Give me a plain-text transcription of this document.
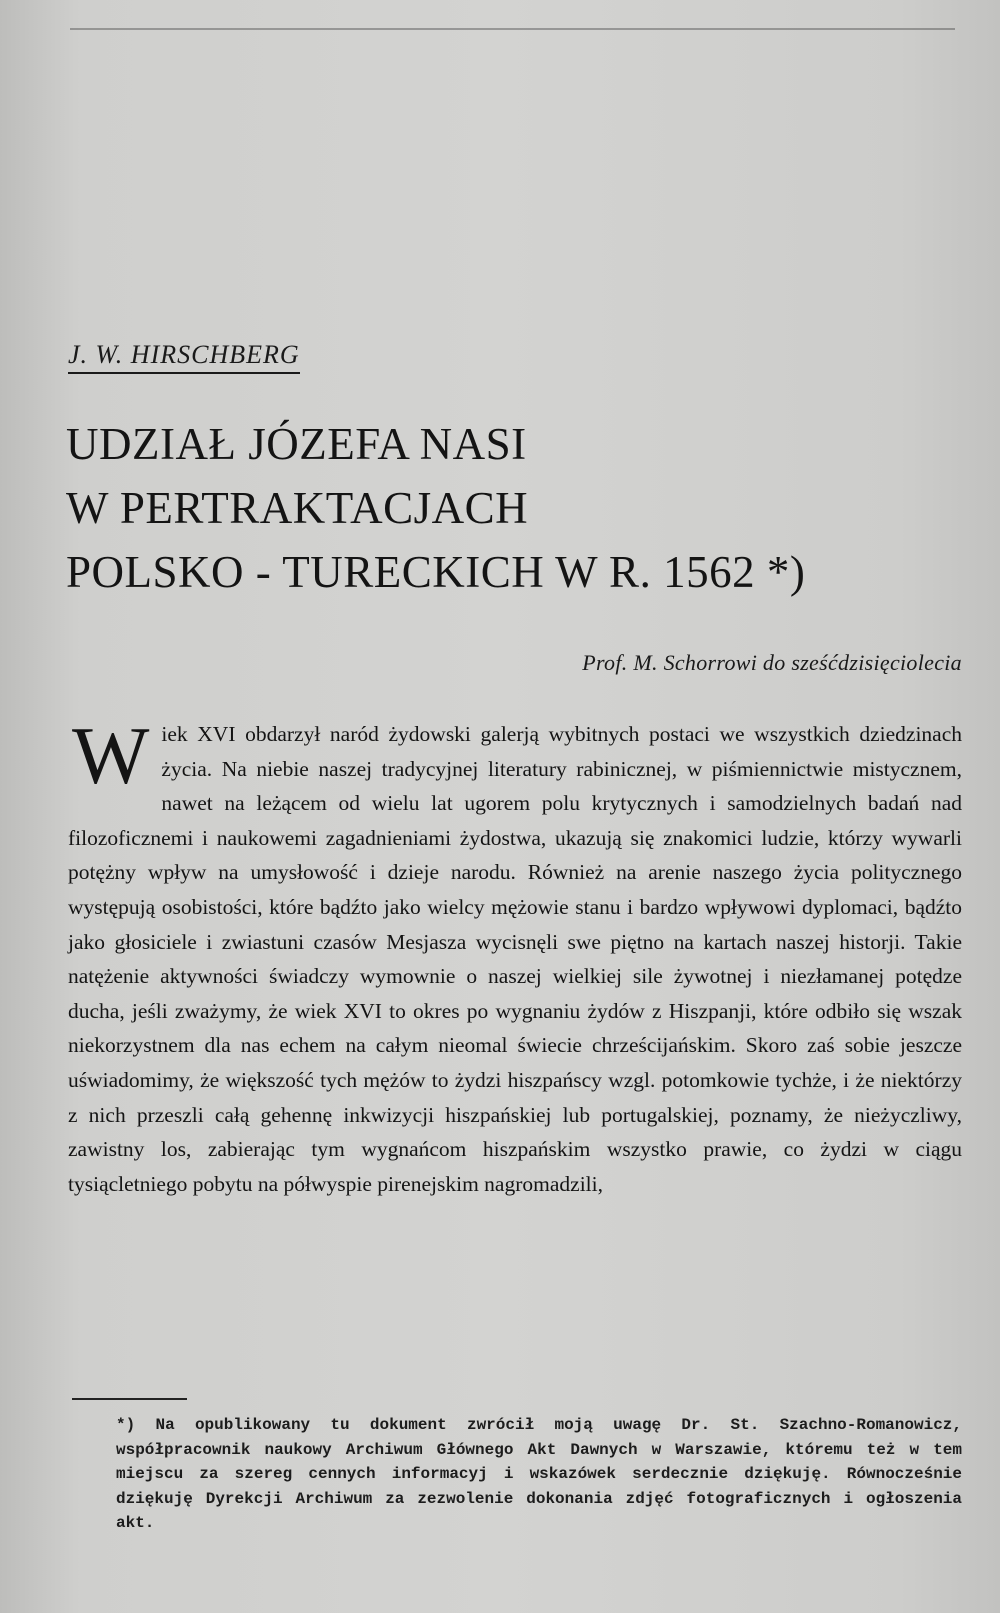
J. W. HIRSCHBERG
UDZIAŁ JÓZEFA NASI
W PERTRAKTACJACH
POLSKO - TURECKICH W R. 1562 *)
Prof. M. Schorrowi do sześćdzisięciolecia
Wiek XVI obdarzył naród żydowski galerją wybitnych postaci we wszystkich dziedzinach życia. Na niebie naszej tradycyjnej literatury rabinicznej, w piśmiennictwie mistycznem, nawet na leżącem od wielu lat ugorem polu krytycznych i samodzielnych badań nad filozoficznemi i naukowemi zagadnieniami żydostwa, ukazują się znakomici ludzie, którzy wywarli potężny wpływ na umysłowość i dzieje narodu. Również na arenie naszego życia politycznego występują osobistości, które bądźto jako wielcy mężowie stanu i bardzo wpływowi dyplomaci, bądźto jako głosiciele i zwiastuni czasów Mesjasza wycisnęli swe piętno na kartach naszej historji. Takie natężenie aktywności świadczy wymownie o naszej wielkiej sile żywotnej i niezłamanej potędze ducha, jeśli zważymy, że wiek XVI to okres po wygnaniu żydów z Hiszpanji, które odbiło się wszak niekorzystnem dla nas echem na całym nieomal świecie chrześcijańskim. Skoro zaś sobie jeszcze uświadomimy, że większość tych mężów to żydzi hiszpańscy wzgl. potomkowie tychże, i że niektórzy z nich przeszli całą gehennę inkwizycji hiszpańskiej lub portugalskiej, poznamy, że nieżyczliwy, zawistny los, zabierając tym wygnańcom hiszpańskim wszystko prawie, co żydzi w ciągu tysiącletniego pobytu na półwyspie pirenejskim nagromadzili,
*) Na opublikowany tu dokument zwrócił moją uwagę Dr. St. Szachno-Romanowicz, współpracownik naukowy Archiwum Głównego Akt Dawnych w Warszawie, któremu też w tem miejscu za szereg cennych informacyj i wskazówek serdecznie dziękuję. Równocześnie dziękuję Dyrekcji Archiwum za zezwolenie dokonania zdjęć fotograficznych i ogłoszenia akt.
